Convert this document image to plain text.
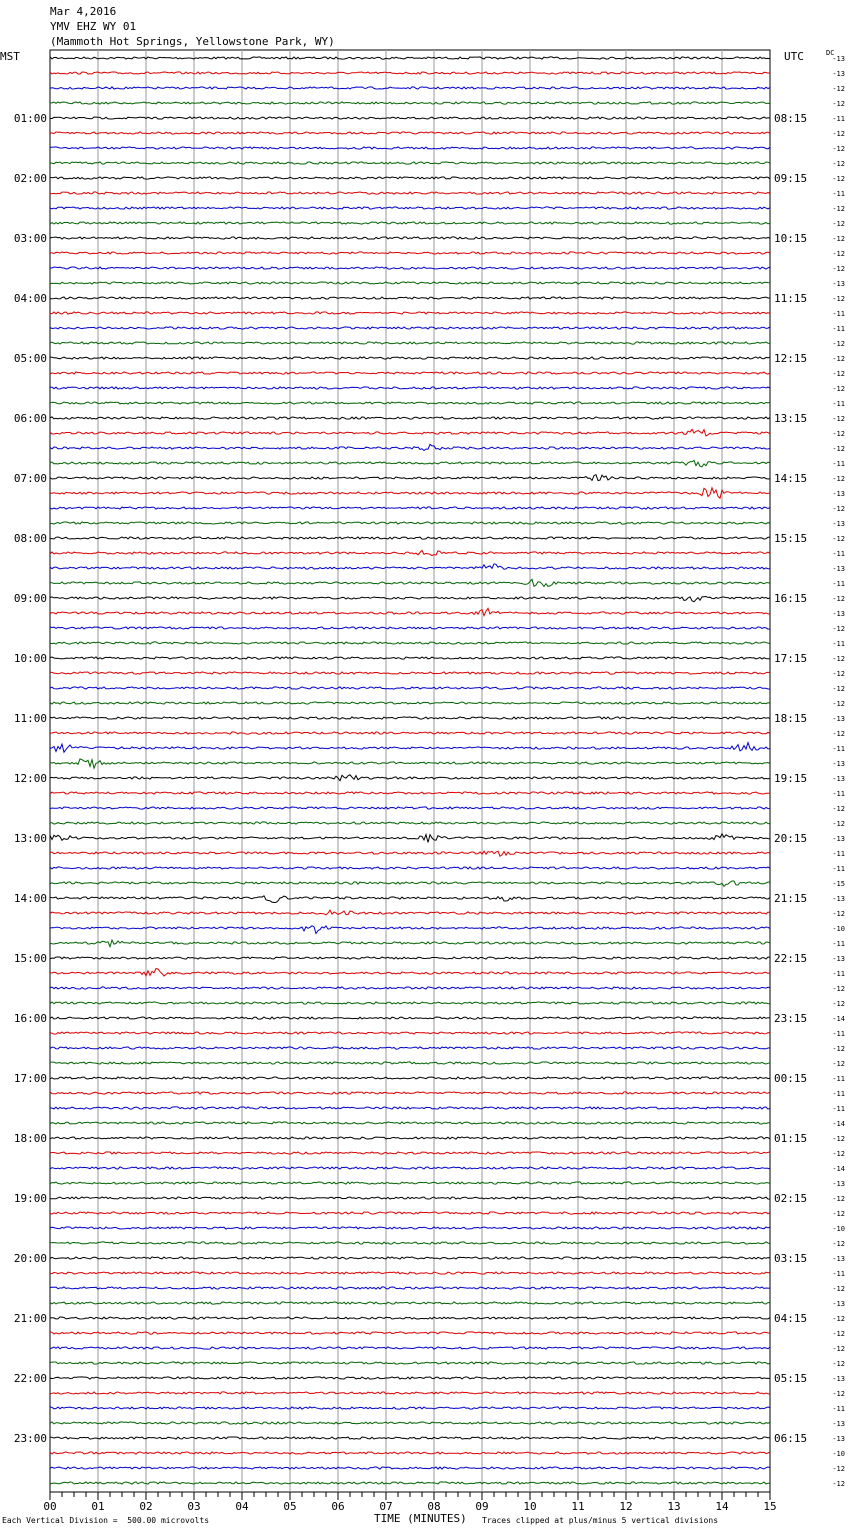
Mar 4,2016
YMV EHZ WY 01
(Mammoth Hot Springs, Yellowstone Park, WY)
MST	UTC	DC
-13
-13
-12
-12
-11
-12
-12
-12
-12
-11
-12
-12
-12
-12
-12
-13
-12
-11
-11
-12
-12
-12
-12
-11
-12
-12
-12
-11
-12
-13
-12
-13
-12
-11
-13
-11
-12
-13
-12
-11
-12
-12
-12
-12
-13
-12
-11
-13
-13
-11
-12
-12
-13
-11
-11
-15
-13
-12
-10
-11
-13
-11
-12
-12
-14
-11
-12
-12
-11
-11
-11
-14
-12
-12
-14
-13
-12
-12
-10
-12
-13
-11
-12
-13
-12
-12
-12
-12
-13
-12
-11
-13
-13
-10
-12
-12
01:00
02:00
03:00
04:00
05:00
06:00
07:00
08:00
09:00
10:00
11:00
12:00
13:00
14:00
15:00
16:00
17:00
18:00
19:00
20:00
21:00
22:00
23:00
08:15
09:15
10:15
11:15
12:15
13:15
14:15
15:15
16:15
17:15
18:15
19:15
20:15
21:15
22:15
23:15
00:15
01:15
02:15
03:15
04:15
05:15
06:15
00	01	02	03	04	05	06	07	08	09	10	11	12	13	14	15
TIME (MINUTES)
Each Vertical Division =  500.00 microvolts	Traces clipped at plus/minus 5 vertical divisions
